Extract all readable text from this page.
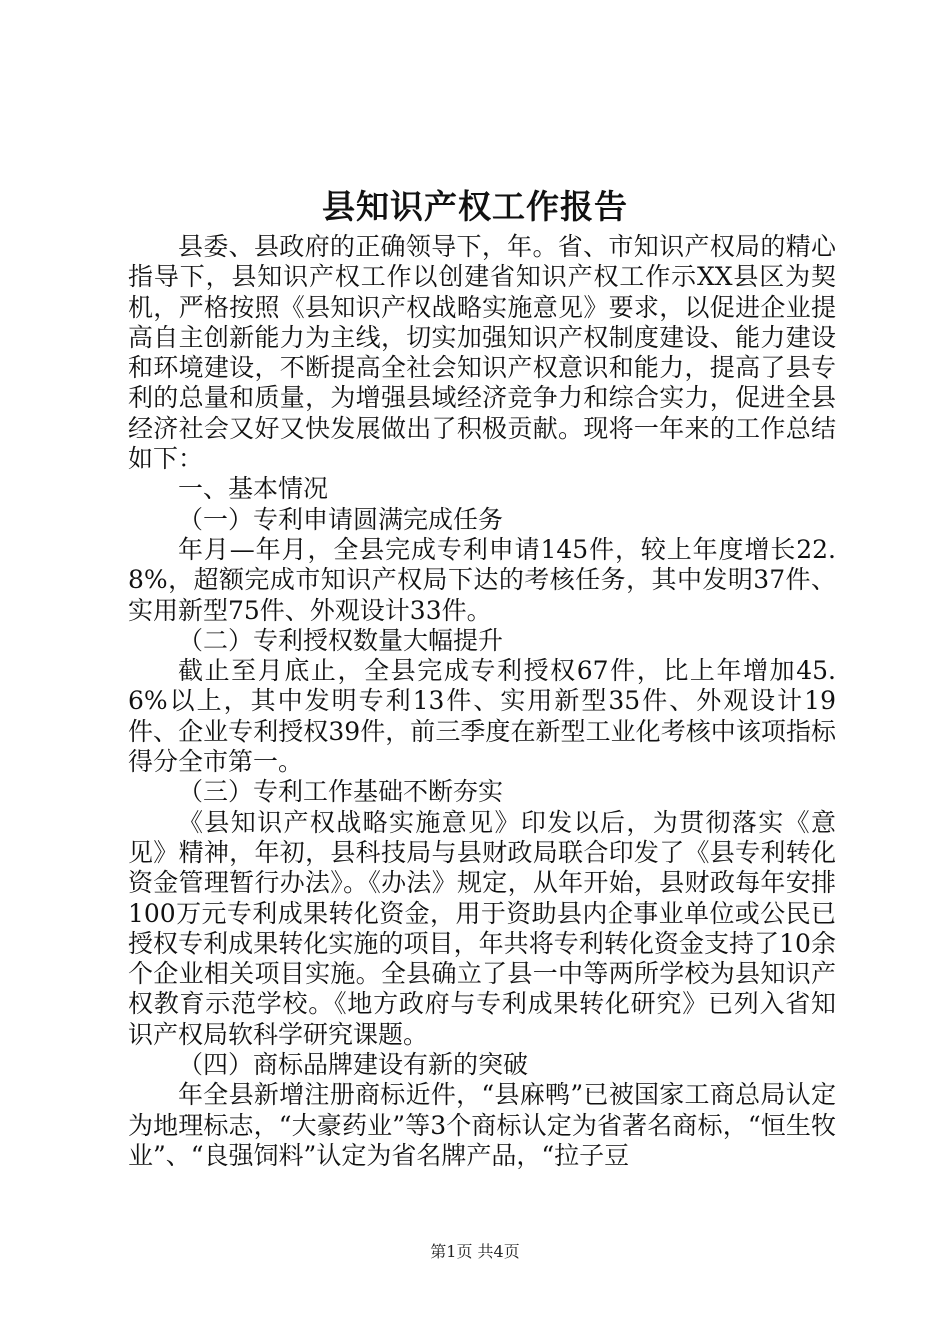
县知识产权工作报告

县委、县政府的正确领导下，年。省、市知识产权局的精心指导下，县知识产权工作以创建省知识产权工作示XX县区为契机，严格按照《县知识产权战略实施意见》要求，以促进企业提高自主创新能力为主线，切实加强知识产权制度建设、能力建设和环境建设，不断提高全社会知识产权意识和能力，提高了县专利的总量和质量，为增强县域经济竞争力和综合实力，促进全县经济社会又好又快发展做出了积极贡献。现将一年来的工作总结如下：

一、基本情况

（一）专利申请圆满完成任务

年月—年月，全县完成专利申请145件，较上年度增长22.8%，超额完成市知识产权局下达的考核任务，其中发明37件、实用新型75件、外观设计33件。

（二）专利授权数量大幅提升

截止至月底止，全县完成专利授权67件，比上年增加45.6%以上，其中发明专利13件、实用新型35件、外观设计19件、企业专利授权39件，前三季度在新型工业化考核中该项指标得分全市第一。

（三）专利工作基础不断夯实

《县知识产权战略实施意见》印发以后，为贯彻落实《意见》精神，年初，县科技局与县财政局联合印发了《县专利转化资金管理暂行办法》。《办法》规定，从年开始，县财政每年安排100万元专利成果转化资金，用于资助县内企事业单位或公民已授权专利成果转化实施的项目，年共将专利转化资金支持了10余个企业相关项目实施。全县确立了县一中等两所学校为县知识产权教育示范学校。《地方政府与专利成果转化研究》已列入省知识产权局软科学研究课题。

（四）商标品牌建设有新的突破

年全县新增注册商标近件，“县麻鸭”已被国家工商总局认定为地理标志，“大豪药业”等3个商标认定为省著名商标，“恒生牧业”、“良强饲料”认定为省名牌产品，“拉子豆

第1页 共4页
